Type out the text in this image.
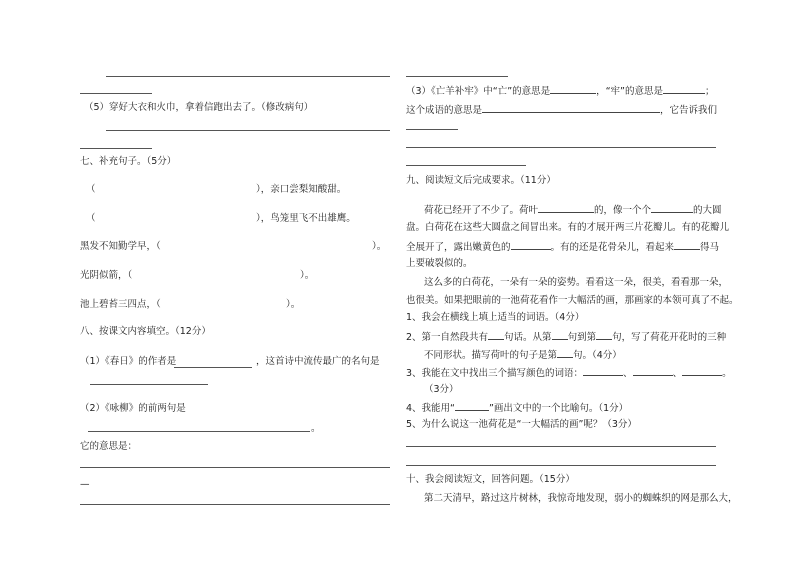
（5）穿好大衣和火巾，拿着信跑出去了。（修改病句）
七、补充句子。（5分）
（	），亲口尝梨知酸甜。
（	），鸟笼里飞不出雄鹰。
黑发不知勤学早，（	）。
光阴似箭，（	）。
池上碧苔三四点，（	）。
八、按课文内容填空。（12分）
（1）《春日》的作者是	，这首诗中流传最广的名句是
（2）《咏柳》的前两句是
。
它的意思是：
—
（3）《亡羊补牢》中“亡”的意思是	，“牢”的意思是	；
这个成语的意思是	，它告诉我们
九、阅读短文后完成要求。（11分）
荷花已经开了不少了。荷叶	的，像一个个	的大圆
盘。白荷花在这些大圆盘之间冒出来。有的才展开两三片花瓣儿。有的花瓣儿
全展开了，露出嫩黄色的	。有的还是花骨朵儿，看起来	得马
上要破裂似的。
这么多的白荷花，一朵有一朵的姿势。看看这一朵，很美，看看那一朵，
也很美。如果把眼前的一池荷花看作一大幅活的画，那画家的本领可真了不起。
1、我会在横线上填上适当的词语。（4分）
2、第一自然段共有 句话。从第 句到第 句，写了荷花开花时的三种
不同形状。描写荷叶的句子是第 句。（4分）
3、我能在文中找出三个描写颜色的词语：	、	、	。
（3分）
4、我能用“	”画出文中的一个比喻句。（1分）
5、为什么说这一池荷花是“一大幅活的画”呢？（3分）
十、我会阅读短文，回答问题。（15分）
第二天清早，路过这片树林，我惊奇地发现，弱小的蜘蛛织的网是那么大，
